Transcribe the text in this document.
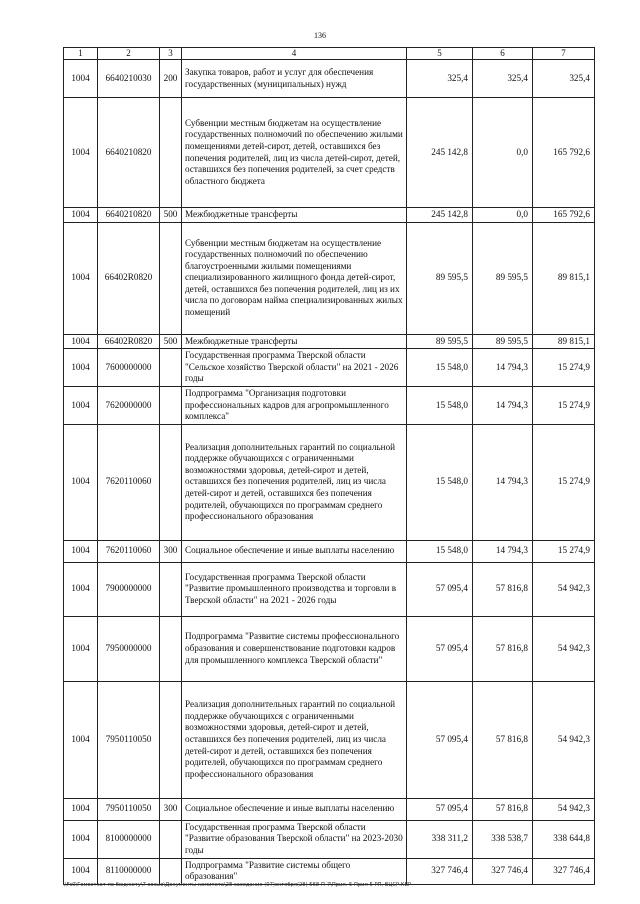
136
1	2	3	4	5	6	7
1004	6640210030	200	Закупка товаров, работ и услуг для обеспечения государственных (муниципальных) нужд	325,4	325,4	325,4
1004	6640210820		Субвенции местным бюджетам на осуществление государственных полномочий по обеспечению жилыми помещениями детей-сирот, детей, оставшихся без попечения родителей, лиц из числа детей-сирот, детей, оставшихся без попечения родителей, за счет средств областного бюджета	245 142,8	0,0	165 792,6
1004	6640210820	500	Межбюджетные трансферты	245 142,8	0,0	165 792,6
1004	66402R0820		Субвенции местным бюджетам на осуществление государственных полномочий по обеспечению благоустроенными жилыми помещениями специализированного жилищного фонда детей-сирот, детей, оставшихся без попечения родителей, лиц из их числа по договорам найма специализированных жилых помещений	89 595,5	89 595,5	89 815,1
1004	66402R0820	500	Межбюджетные трансферты	89 595,5	89 595,5	89 815,1
1004	7600000000		Государственная программа Тверской области "Сельское хозяйство Тверской области" на 2021 - 2026 годы	15 548,0	14 794,3	15 274,9
1004	7620000000		Подпрограмма "Организация подготовки профессиональных кадров для агропромышленного комплекса"	15 548,0	14 794,3	15 274,9
1004	7620110060		Реализация дополнительных гарантий по социальной поддержке обучающихся с ограниченными возможностями здоровья, детей-сирот и детей, оставшихся без попечения родителей, лиц из числа детей-сирот и детей, оставшихся без попечения родителей, обучающихся по программам среднего профессионального образования	15 548,0	14 794,3	15 274,9
1004	7620110060	300	Социальное обеспечение и иные выплаты населению	15 548,0	14 794,3	15 274,9
1004	7900000000		Государственная программа Тверской области "Развитие промышленного производства и торговли в Тверской области" на 2021 - 2026 годы	57 095,4	57 816,8	54 942,3
1004	7950000000		Подпрограмма "Развитие системы профессионального образования и совершенствование подготовки кадров для промышленного комплекса Тверской области"	57 095,4	57 816,8	54 942,3
1004	7950110050		Реализация дополнительных гарантий по социальной поддержке обучающихся с ограниченными возможностями здоровья, детей-сирот и детей, оставшихся без попечения родителей, лиц из числа детей-сирот и детей, оставшихся без попечения родителей, обучающихся по программам среднего профессионального образования	57 095,4	57 816,8	54 942,3
1004	7950110050	300	Социальное обеспечение и иные выплаты населению	57 095,4	57 816,8	54 942,3
1004	8100000000		Государственная программа Тверской области "Развитие образования Тверской области" на 2023-2030 годы	338 311,2	338 538,7	338 644,8
1004	8110000000		Подпрограмма "Развитие системы общего образования"	327 746,4	327 746,4	327 746,4
\\Fs0\Гомосткот по бюджету\7 созыв\Документы комитета\28 заседание (07)октября(28) 568-П-7\Прил. 5 Прил 5 РП, ВЦСР.КВР
